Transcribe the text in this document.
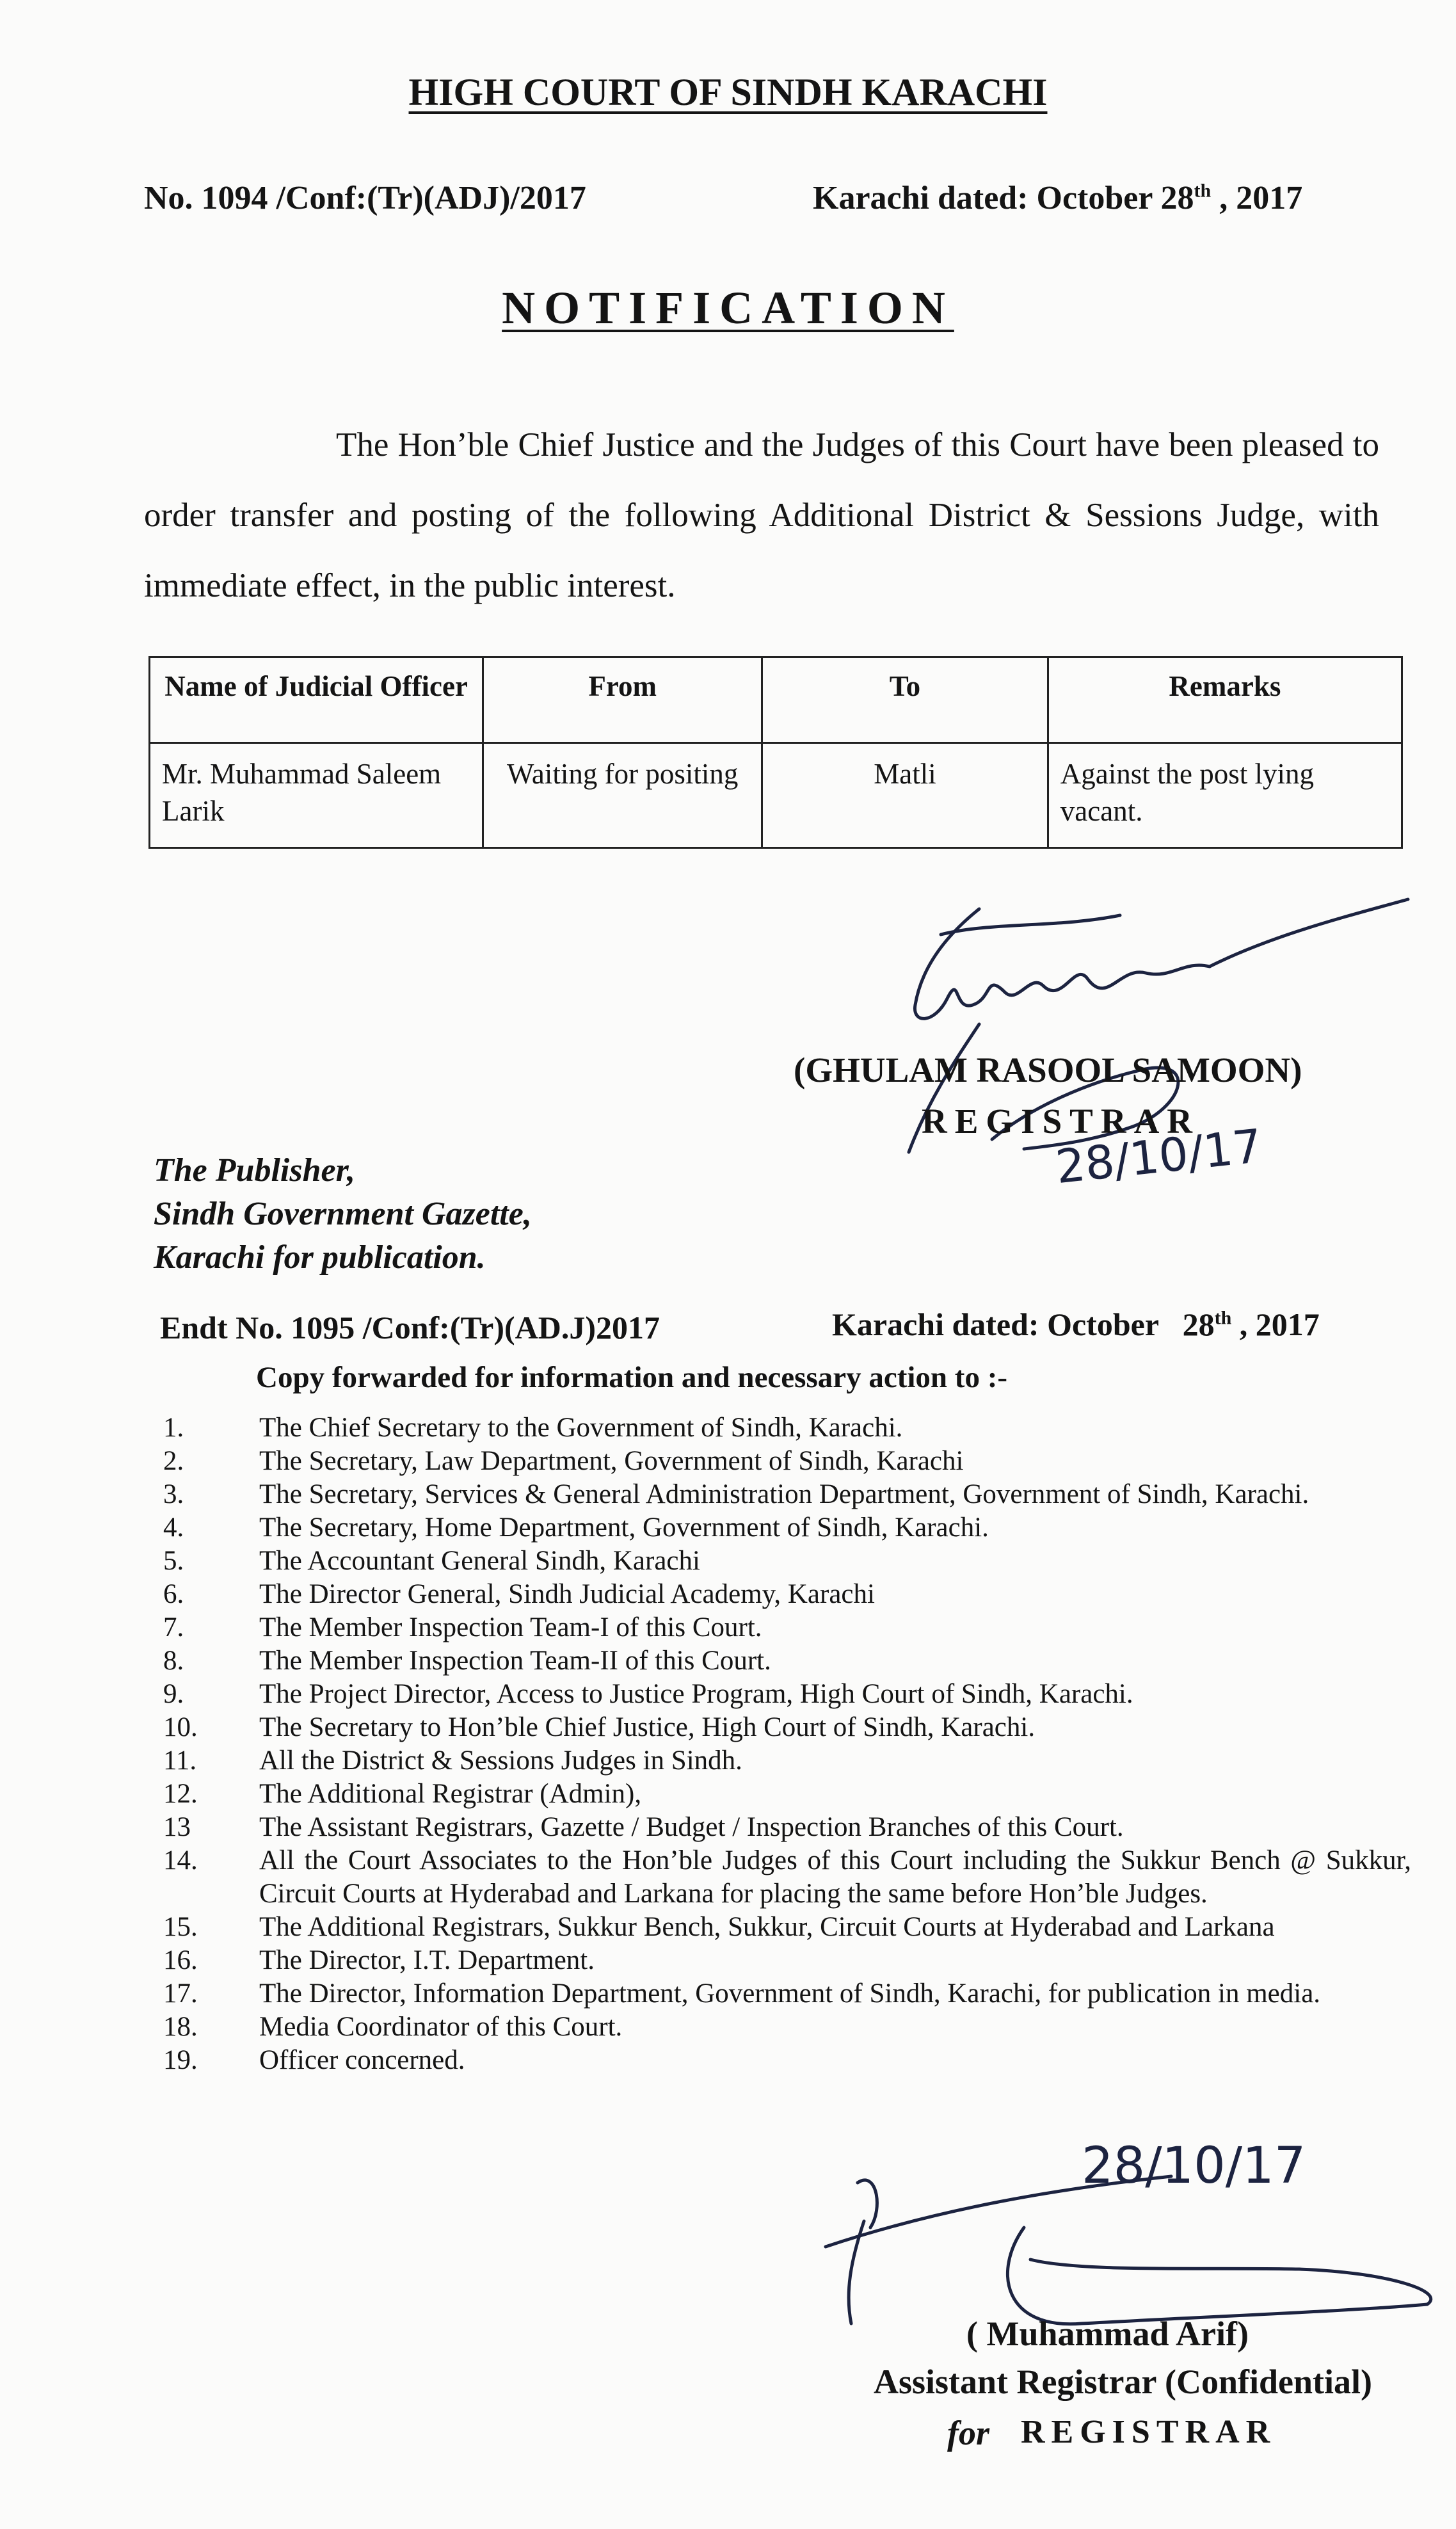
HIGH COURT OF SINDH KARACHI
No. 1094 /Conf:(Tr)(ADJ)/2017	Karachi dated: October 28th , 2017
NOTIFICATION
The Hon’ble Chief Justice and the Judges of this Court have been pleased to order transfer and posting of the following Additional District & Sessions Judge, with immediate effect, in the public interest.
Name of Judicial Officer	From	To	Remarks
Mr. Muhammad Saleem Larik	Waiting for positing	Matli	Against the post lying vacant.
28/10/17
(GHULAM RASOOL SAMOON)
REGISTRAR
The Publisher,
Sindh Government Gazette,
Karachi for publication.
Endt No. 1095 /Conf:(Tr)(AD.J)2017	Karachi dated: October   28th , 2017
Copy forwarded for information and necessary action to :-
1.	The Chief Secretary to the Government of Sindh, Karachi.
2.	The Secretary, Law Department, Government of Sindh, Karachi
3.	The Secretary, Services & General Administration Department, Government of Sindh, Karachi.
4.	The Secretary, Home Department, Government of Sindh, Karachi.
5.	The Accountant General Sindh, Karachi
6.	The Director General, Sindh Judicial Academy, Karachi
7.	The Member Inspection Team-I of this Court.
8.	The Member Inspection Team-II of this Court.
9.	The Project Director, Access to Justice Program, High Court of Sindh, Karachi.
10.	The Secretary to Hon’ble Chief Justice, High Court of Sindh, Karachi.
11.	All the District & Sessions Judges in Sindh.
12.	The Additional Registrar (Admin),
13	The Assistant Registrars, Gazette / Budget / Inspection Branches of this Court.
14.	All the Court Associates to the Hon’ble Judges of this Court including the Sukkur Bench @ Sukkur, Circuit Courts at Hyderabad and Larkana for placing the same before Hon’ble Judges.
15.	The Additional Registrars, Sukkur Bench, Sukkur, Circuit Courts at Hyderabad and Larkana
16.	The Director, I.T. Department.
17.	The Director, Information Department, Government of Sindh, Karachi, for publication in media.
18.	Media Coordinator of this Court.
19.	Officer concerned.
28/10/17
( Muhammad Arif)
Assistant Registrar (Confidential)
for REGISTRAR
